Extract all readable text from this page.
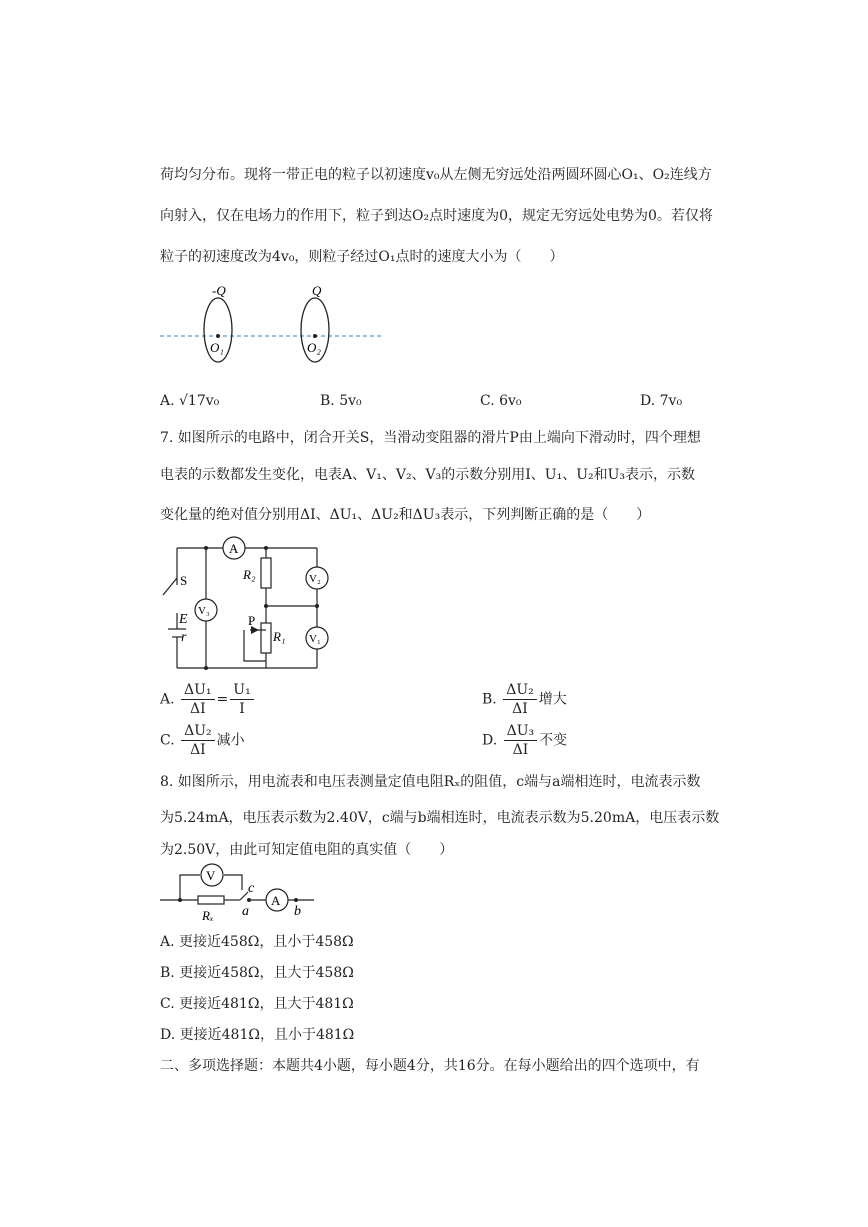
荷均匀分布。现将一带正电的粒子以初速度v₀从左侧无穷远处沿两圆环圆心O₁、O₂连线方
向射入，仅在电场力的作用下，粒子到达O₂点时速度为0，规定无穷远处电势为0。若仅将
粒子的初速度改为4v₀，则粒子经过O₁点时的速度大小为（　　）
-Q	Q
O₁	O₂
A. √17v₀	B. 5v₀	C. 6v₀	D. 7v₀
7. 如图所示的电路中，闭合开关S，当滑动变阻器的滑片P由上端向下滑动时，四个理想
电表的示数都发生变化，电表A、V₁、V₂、V₃的示数分别用I、U₁、U₂和U₃表示，示数
变化量的绝对值分别用ΔI、ΔU₁、ΔU₂和ΔU₃表示，下列判断正确的是（　　）
A
V₃
V₂
V₁
S
E
r
R₂
R₁
P
A. $\frac{\text{ΔU₁}}{\Delta I} = \frac{\text{U₁}}{I}$	B. $\frac{\text{ΔU₂}}{\Delta I}$ 增大
C. $\frac{\text{ΔU₂}}{\Delta I}$ 减小	D. $\frac{\text{ΔU₃}}{\Delta I}$ 不变
8. 如图所示，用电流表和电压表测量定值电阻Rₓ的阻值，c端与a端相连时，电流表示数
为5.24mA，电压表示数为2.40V，c端与b端相连时，电流表示数为5.20mA，电压表示数
为2.50V，由此可知定值电阻的真实值（　　）
V
A
Rₓ
c
a	b
A. 更接近458Ω，且小于458Ω
B. 更接近458Ω，且大于458Ω
C. 更接近481Ω，且大于481Ω
D. 更接近481Ω，且小于481Ω
二、多项选择题：本题共4小题，每小题4分，共16分。在每小题给出的四个选项中，有
